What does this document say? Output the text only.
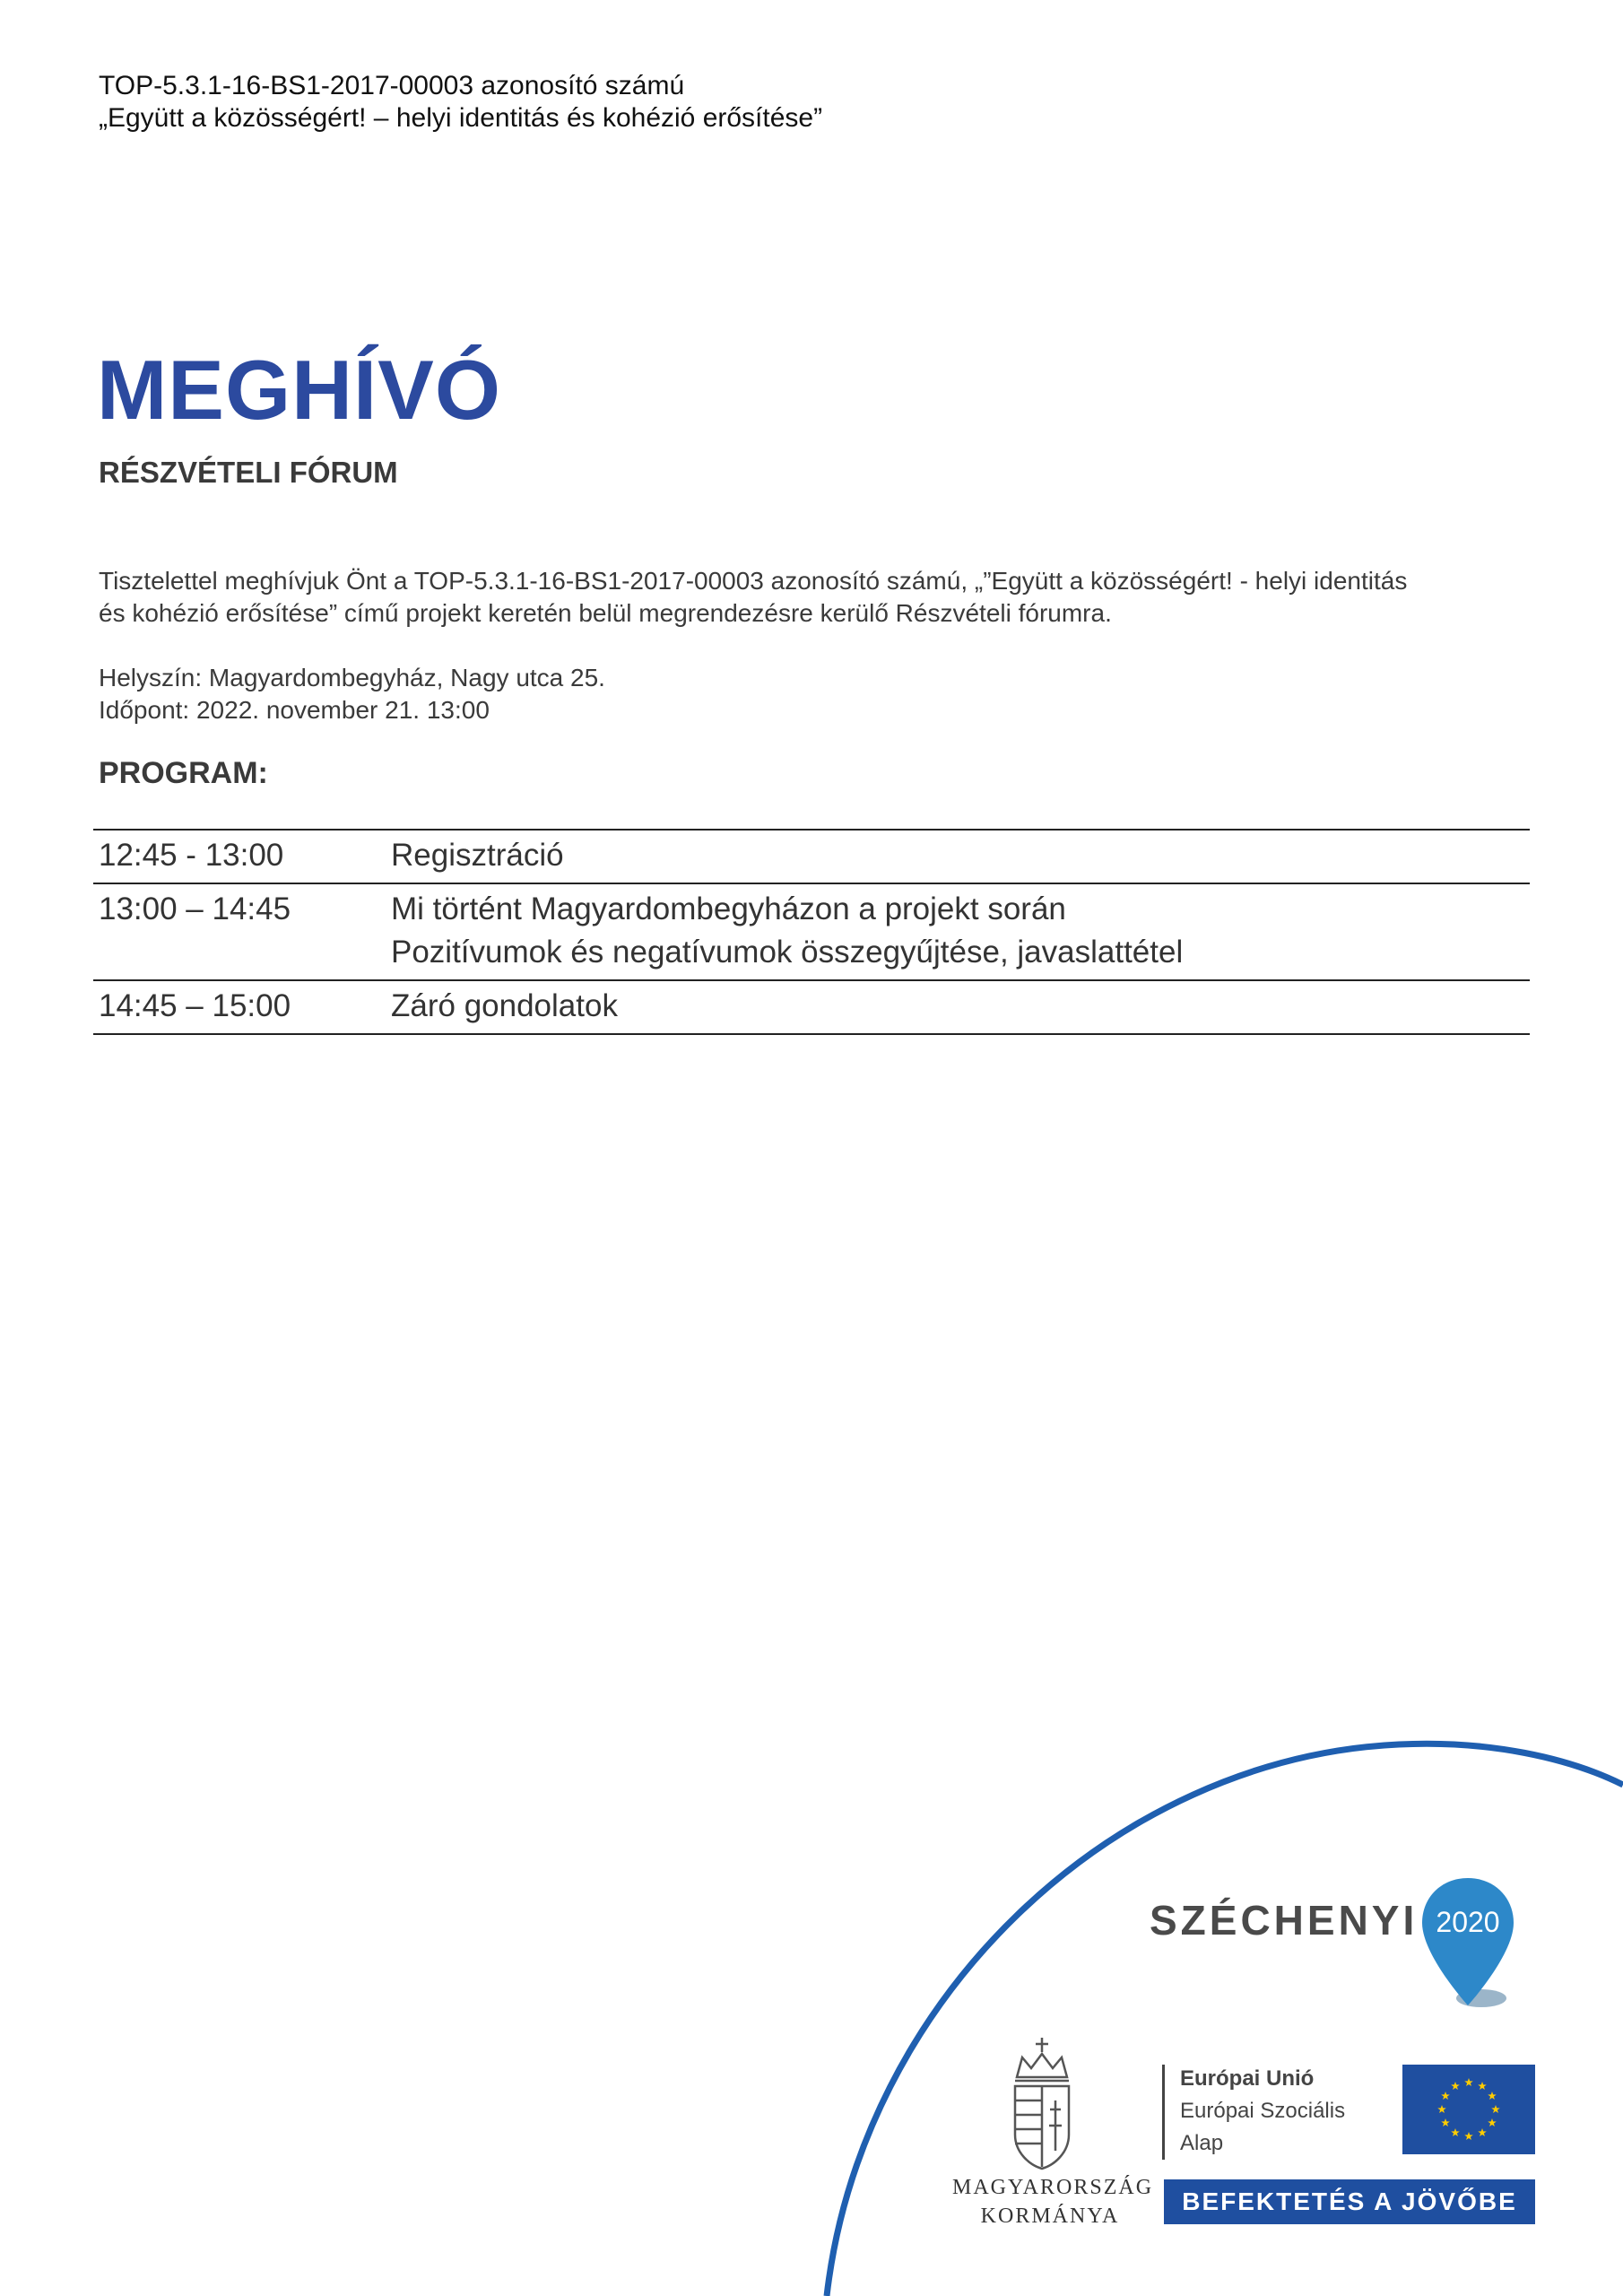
TOP-5.3.1-16-BS1-2017-00003 azonosító számú
„Együtt a közösségért! – helyi identitás és kohézió erősítése”
MEGHÍVÓ
RÉSZVÉTELI FÓRUM
Tisztelettel meghívjuk Önt a TOP-5.3.1-16-BS1-2017-00003 azonosító számú, „”Együtt a közösségért! - helyi identitás
és kohézió erősítése” című projekt keretén belül megrendezésre kerülő Részvételi fórumra.
Helyszín: Magyardombegyház, Nagy utca 25.
Időpont: 2022. november 21. 13:00
PROGRAM:
12:45 - 13:00	Regisztráció
13:00 – 14:45	Mi történt Magyardombegyházon a projekt során
Pozitívumok és negatívumok összegyűjtése, javaslattétel
14:45 – 15:00	Záró gondolatok
SZÉCHENYI 2020
MAGYARORSZÁG
KORMÁNYA
Európai Unió
Európai Szociális
Alap
BEFEKTETÉS A JÖVŐBE
